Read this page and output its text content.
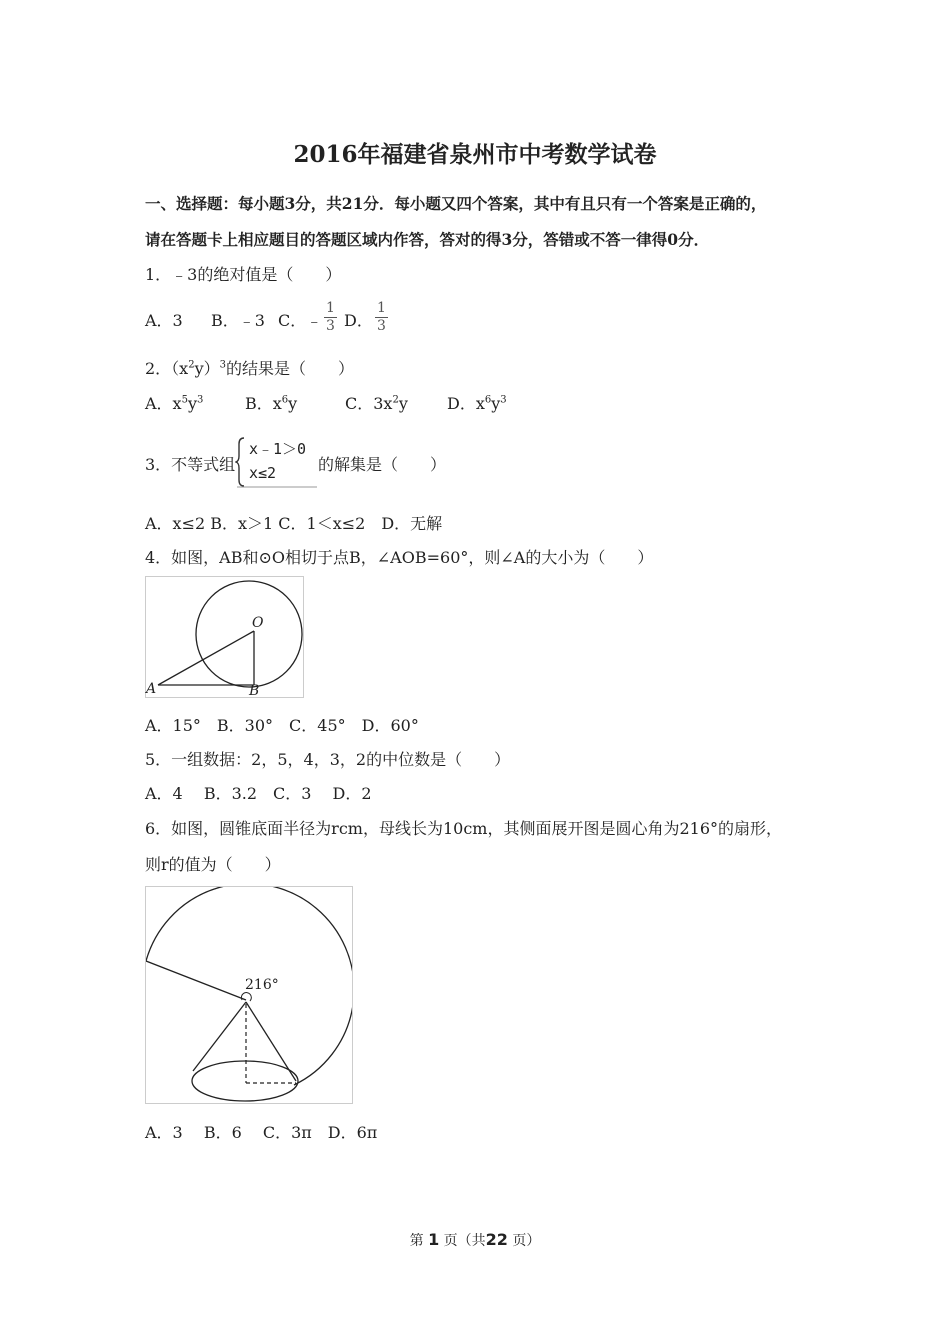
2016年福建省泉州市中考数学试卷
一、选择题：每小题3分，共21分．每小题又四个答案，其中有且只有一个答案是正确的，
请在答题卡上相应题目的答题区域内作答，答对的得3分，答错或不答一律得0分．
1．﹣3的绝对值是（　　）
A．3 B．﹣3 C．﹣ $\frac{1}{3}$ D． $\frac{1}{3}$
2．$(x^2y)^3$的结果是（　　）
A．$x^5y^3$	B．$x^6y$	C．$3x^2y$ D．$x^6y^3$
3．不等式组
x﹣1＞0
x≤2	的解集是（　　）
A．x≤2 B．x＞1 C．1＜x≤2　D．无解
4．如图，AB和⊙O相切于点B，∠AOB=60°，则∠A的大小为（　　）
O
A	B
A．15°　B．30°　C．45°　D．60°
5．一组数据：2，5，4，3，2的中位数是（　　）
A．4　 B．3.2　C．3　 D．2
6．如图，圆锥底面半径为rcm，母线长为10cm，其侧面展开图是圆心角为216°的扇形，
则r的值为（　　）
216°
A．3　 B．6　 C．3π　D．6π
第 1 页（共22 页）
